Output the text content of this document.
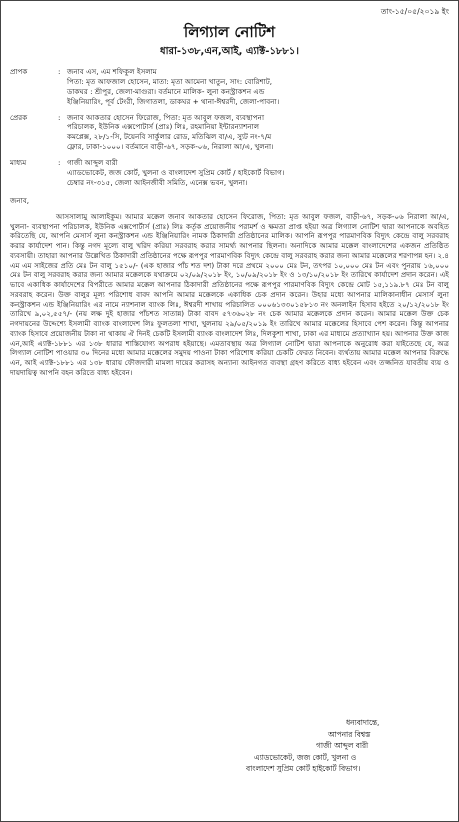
তাং-১৫/০৫/২০১৯ ইং
লিগ্যাল নোটিশ
ধারা-১৩৮,এন,আই, এ্যাক্ট-১৮৮১।
প্রাপক	: জনাব এস, এম শফিকুল ইসলাম
পিতা: মৃত আফজাল হোসেন, মাতা: মৃতা আমেনা খাতুন, সাং: বোরিশাট,
ডাকঘর : শ্রীপুর, জেলা-মাগুরা। বর্তমানে মালিক- লুনা কনস্ট্রাকশন এন্ড
ইঞ্জিনিয়ারিং, পূর্ব টেংরী, জিগাতলা, ডাকঘর + থানা-ঈশ্বরদী, জেলা-পাবনা।
প্রেরক	: জনাব আকতার হোসেন ফিরোজ, পিতা: মৃত আবুল ফজল, ব্যবস্থাপনা
পরিচালক, ইউনিক এক্সপোটার্স (প্রাঃ) লিঃ, রহমানিয়া ইন্টারন্যাশনাল
কমপ্লেক্স, ২৮/১-সি, টয়েনবি সার্কুলার রোড, মতিঝিল বা/এ, স্যুট নং-৭/ম
ফ্লোর, ঢাকা-১০০০। বর্তমানে বাড়ী-৬৭, সড়ক-০৬, নিরালা আ/এ, খুলনা।
মাধ্যম	: গাজী আব্দুল বারী
এ্যাডভোকেট, জজ কোর্ট, খুলনা ও বাংলাদেশ সুপ্রিম কোর্ট / হাইকোর্ট বিভাগ।
চেম্বার নং-৩১৫, জেলা আইনজীবী সমিতি, এনেক্স ভবন, খুলনা।
জনাব,

আসসালামু আলাইকুম। আমার মক্কেল জনাব আকতার হোসেন ফিরোজ, পিতা: মৃত আবুল ফজল, বাড়ী-৬৭, সড়ক-০৬ নিরালা আ/এ, খুলনা- ব্যবস্থাপনা পরিচালক, ইউনিক এক্সপোর্টার্স (প্রাঃ) লিঃ কর্তৃক প্রয়োজনীয় পরামর্শ ও ক্ষমতা প্রাপ্ত হইয়া অত্র লিগ্যাল নোটিশ দ্বারা আপনাকে অবহিত করিতেছি যে, আপনি মেসার্স লুনা কনস্ট্রাকশন এন্ড ইঞ্জিনিয়ারিং নামক ঠিকাদারী প্রতিষ্ঠানের মালিক। আপনি রূপপুর পারমাণবিক বিদ্যুৎ কেন্দ্রে বালু সরবরাহ করার কার্যাদেশ পান। কিন্তু নগদ মূল্যে বালু খরিদ করিয়া সরবরাহ করার সামর্থ্য আপনার ছিলনা। অনাদিকে আমার মক্কেল বাংলাদেশের একজন প্রতিষ্ঠিত ব্যবসায়ী। তাহারা আপনার উল্লেখিত ঠিকাদারী প্রতিষ্ঠানের পক্ষে রূপপুর পারমাণবিক বিদ্যুৎ কেন্দ্রে বালু সরবরাহ করার জন্য আমার মক্কেলের শরণাপন্ন হন। ২.৪ এম এম সাইজের প্রতি মেঃ টন বালু ১৫১০/- (এক হাজার পাঁচ শত দশ) টাকা দরে প্রথমে ২০০০ মেঃ টন, তৎপর ১০,০০০ মেঃ টন এবং পুনরায় ১৬,০০০ মেঃ টন বালু সরবরাহ করার জন্য আমার মক্কেলকে যথাক্রমে ০২/০৯/২০১৮ ইং, ১০/০৯/২০১৮ ইং ও ১৩/১০/২০১৮ ইং তারিখে কার্যাদেশ প্রদান করেন। এই ভাবে একাধিক কার্যাদেশের বিপরীতে আমার মক্কেল আপনার ঠিকাদারী প্রতিষ্ঠানের পক্ষে রূপপুর পারমাণবিক বিদ্যুৎ কেন্দ্রে মোট ১৫,১১৯.৮৭ মেঃ টন বালু সরবরাহ করেন। উক্ত বালুর মূল্য পরিশোধ বাবদ আপনি আমার মক্কেলকে একাধিক চেক প্রদান করেন। উহার মধ্যে আপনার মালিকানাধীন মেসার্স লুনা কনস্ট্রাকশন এন্ড ইঞ্জিনিয়ারিং এর নামে ন্যাশনাল ব্যাংক লিঃ, ঈশ্বরদী শাখায় পরিচালিত ০০০৬১৩৩০১৫৮১৩ নং অনলাইন হিসাব হইতে ২০/১২/২০১৮ ইং তারিখে ৯,০২,৫৫৭/- (নয় লক্ষ দুই হাজার পাঁচশত সাতান্ন) টাকা বাবদ ৫৭৩৬০২৮ নং চেক আমার মক্কেলকে প্রদান করেন। আমার মক্কেল উক্ত চেক নগদায়নের উদ্দেশ্যে ইসলামী ব্যাংক বাংলাদেশ লিঃ ফুলতলা শাখা, খুলনায় ২৯/০৫/২০১৯ ইং তারিখে আমার মক্কেলের হিসাবে পেশ করেন। কিন্তু আপনার ব্যাংক হিসাবে প্রয়োজনীয় টাকা না থাকায় ঐ দিনই চেকটি ইসলামী ব্যাংক বাংলাদেশ লিঃ, দিলকুশা শাখা, ঢাকা এর মাধ্যমে প্রত্যাখ্যান হয়। আপনার উক্ত কাজ এন,আই এ্যাক্ট-১৮৮১ এর ১৩৮ ধারার শাস্তিযোগ্য অপরাধ হইয়াছে। এমতাবস্থায় অত্র লিগ্যাল নোটিশ দ্বারা আপনাকে অনুরোধ করা যাইতেছে যে, অত্র লিগ্যাল নোটিশ পাওয়ার ৩০ দিনের মধ্যে আমার মক্কেলের সমুদয় পাওনা টাকা পরিশোধ করিয়া চেকটি ফেরত নিবেন। ব্যর্থতায় আমার মক্কেল আপনার বিরুদ্ধে এন, আই এ্যাক্ট-১৮৮১ এর ১৩৮ ধারায় ফৌজদারী মামলা দায়ের করাসহ অন্যান্য আইনগত ব্যবস্থা গ্রহণ করিতে বাধ্য হইবেন এবং তজ্জনিত যাবতীয় ব্যয় ও দায়দায়িত্ব আপনি বহন করিতে বাধ্য হইবেন।

ধন্যবাদান্তে,
আপনার বিশ্বস্ত
গাজী আব্দুল বারী
এ্যাডভোকেট, জজ কোর্ট, খুলনা ও
বাংলাদেশ সুপ্রিম কোর্ট হাইকোর্ট বিভাগ।
